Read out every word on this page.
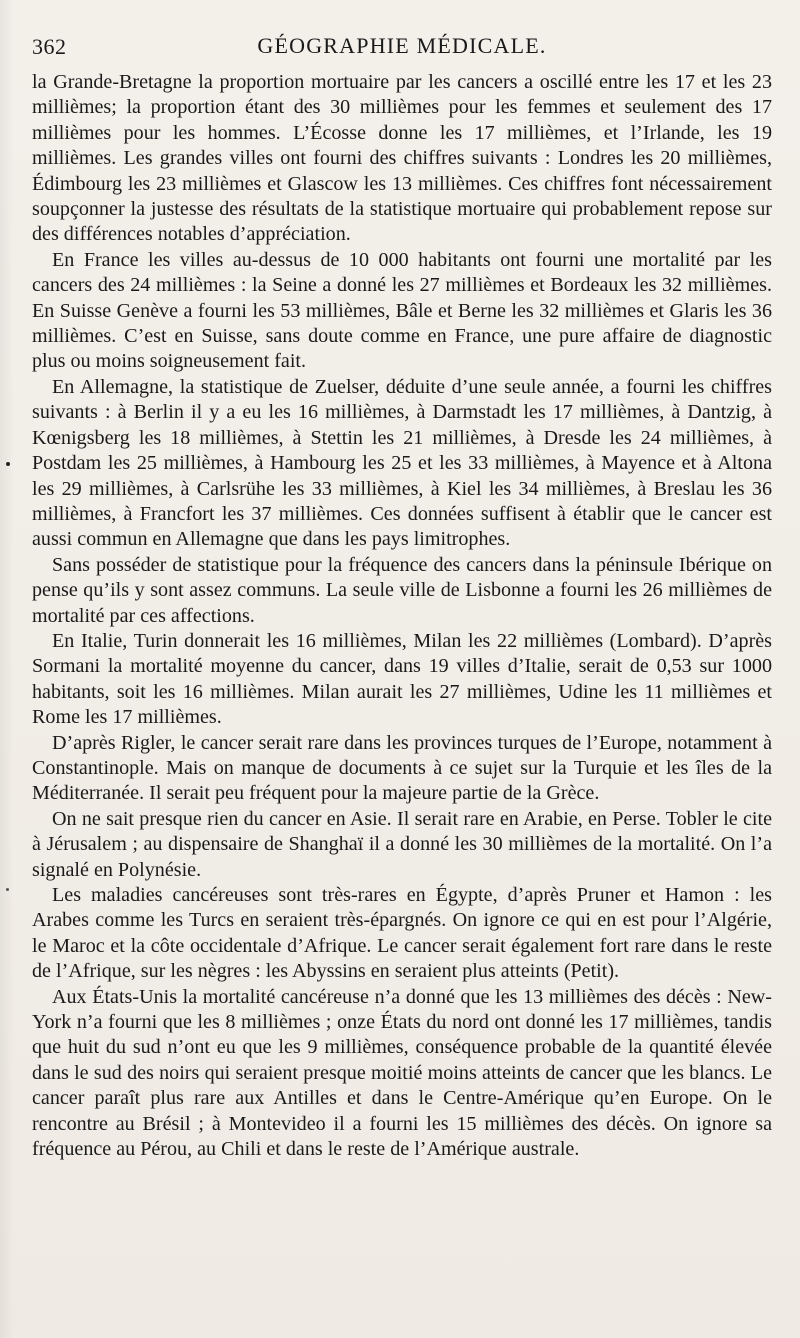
362	GÉOGRAPHIE MÉDICALE.

la Grande-Bretagne la proportion mortuaire par les cancers a oscillé entre les 17 et les 23 millièmes; la proportion étant des 30 millièmes pour les femmes et seulement des 17 millièmes pour les hommes. L’Écosse donne les 17 millièmes, et l’Irlande, les 19 millièmes. Les grandes villes ont fourni des chiffres suivants : Londres les 20 millièmes, Édimbourg les 23 millièmes et Glascow les 13 millièmes. Ces chiffres font nécessairement soupçonner la justesse des résultats de la statistique mortuaire qui probablement repose sur des différences notables d’appréciation.

En France les villes au-dessus de 10 000 habitants ont fourni une mortalité par les cancers des 24 millièmes : la Seine a donné les 27 millièmes et Bordeaux les 32 millièmes. En Suisse Genève a fourni les 53 millièmes, Bâle et Berne les 32 millièmes et Glaris les 36 millièmes. C’est en Suisse, sans doute comme en France, une pure affaire de diagnostic plus ou moins soigneusement fait.

En Allemagne, la statistique de Zuelser, déduite d’une seule année, a fourni les chiffres suivants : à Berlin il y a eu les 16 millièmes, à Darmstadt les 17 millièmes, à Dantzig, à Kœnigsberg les 18 millièmes, à Stettin les 21 millièmes, à Dresde les 24 millièmes, à Postdam les 25 millièmes, à Hambourg les 25 et les 33 millièmes, à Mayence et à Altona les 29 millièmes, à Carlsrühe les 33 millièmes, à Kiel les 34 millièmes, à Breslau les 36 millièmes, à Francfort les 37 millièmes. Ces données suffisent à établir que le cancer est aussi commun en Allemagne que dans les pays limitrophes.

Sans posséder de statistique pour la fréquence des cancers dans la péninsule Ibérique on pense qu’ils y sont assez communs. La seule ville de Lisbonne a fourni les 26 millièmes de mortalité par ces affections.

En Italie, Turin donnerait les 16 millièmes, Milan les 22 millièmes (Lombard). D’après Sormani la mortalité moyenne du cancer, dans 19 villes d’Italie, serait de 0,53 sur 1000 habitants, soit les 16 millièmes. Milan aurait les 27 millièmes, Udine les 11 millièmes et Rome les 17 millièmes.

D’après Rigler, le cancer serait rare dans les provinces turques de l’Europe, notamment à Constantinople. Mais on manque de documents à ce sujet sur la Turquie et les îles de la Méditerranée. Il serait peu fréquent pour la majeure partie de la Grèce.

On ne sait presque rien du cancer en Asie. Il serait rare en Arabie, en Perse. Tobler le cite à Jérusalem ; au dispensaire de Shanghaï il a donné les 30 millièmes de la mortalité. On l’a signalé en Polynésie.

Les maladies cancéreuses sont très-rares en Égypte, d’après Pruner et Hamon : les Arabes comme les Turcs en seraient très-épargnés. On ignore ce qui en est pour l’Algérie, le Maroc et la côte occidentale d’Afrique. Le cancer serait également fort rare dans le reste de l’Afrique, sur les nègres : les Abyssins en seraient plus atteints (Petit).

Aux États-Unis la mortalité cancéreuse n’a donné que les 13 millièmes des décès : New-York n’a fourni que les 8 millièmes ; onze États du nord ont donné les 17 millièmes, tandis que huit du sud n’ont eu que les 9 millièmes, conséquence probable de la quantité élevée dans le sud des noirs qui seraient presque moitié moins atteints de cancer que les blancs. Le cancer paraît plus rare aux Antilles et dans le Centre-Amérique qu’en Europe. On le rencontre au Brésil ; à Montevideo il a fourni les 15 millièmes des décès. On ignore sa fréquence au Pérou, au Chili et dans le reste de l’Amérique australe.
